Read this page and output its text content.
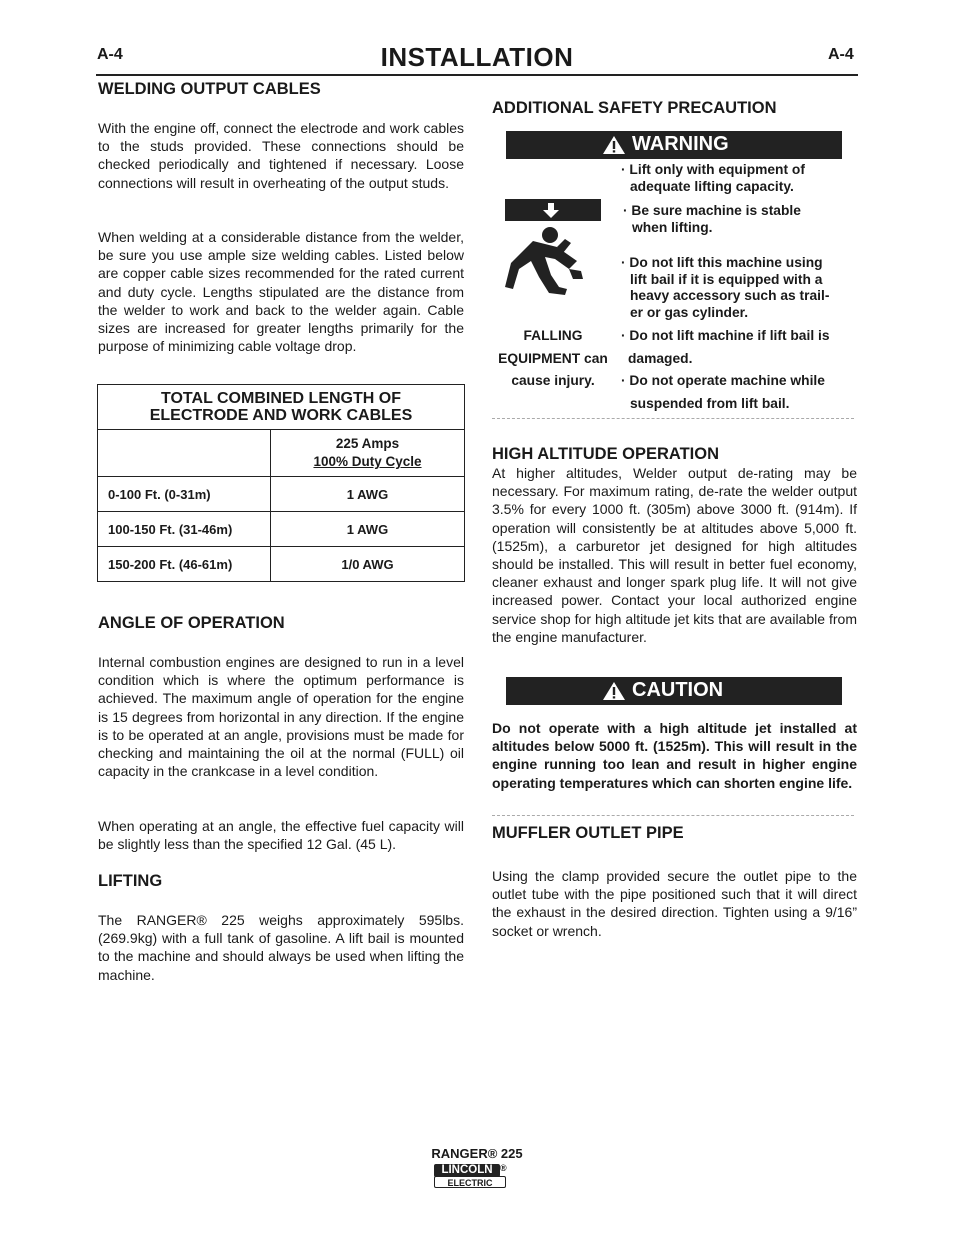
A-4	A-4
INSTALLATION
WELDING OUTPUT CABLES

With the engine off, connect the electrode and work cables to the studs provided. These connections should be checked periodically and tightened if necessary. Loose connections will result in overheating of the output studs.

When welding at a considerable distance from the welder, be sure you use ample size welding cables. Listed below are copper cable sizes recommended for the rated current and duty cycle. Lengths stipulated are the distance from the welder to work and back to the welder again. Cable sizes are increased for greater lengths primarily for the purpose of minimizing cable voltage drop.

TOTAL COMBINED LENGTH OF
ELECTRODE AND WORK CABLES	

	225 Amps
100% Duty Cycle

0-100 Ft. (0-31m)	1 AWG
100-150 Ft. (31-46m)	1 AWG
150-200 Ft. (46-61m)	1/0 AWG
ANGLE OF OPERATION

Internal combustion engines are designed to run in a level condition which is where the optimum performance is achieved. The maximum angle of operation for the engine is 15 degrees from horizontal in any direction. If the engine is to be operated at an angle, provisions must be made for checking and maintaining the oil at the normal (FULL) oil capacity in the crankcase in a level condition.

When operating at an angle, the effective fuel capacity will be slightly less than the specified 12 Gal. (45 L).

LIFTING

The RANGER® 225 weighs approximately 595lbs. (269.9kg) with a full tank of gasoline. A lift bail is mounted to the machine and should always be used when lifting the machine.

ADDITIONAL SAFETY PRECAUTION
WARNING
· Lift only with equipment of
adequate lifting capacity.
· Be sure machine is stable
when lifting.
· Do not lift this machine using
lift bail if it is equipped with a
heavy accessory such as trail-
er or gas cylinder.
· Do not lift machine if lift bail is
damaged.
· Do not operate machine while
suspended from lift bail.
FALLING
EQUIPMENT can
cause injury.
HIGH ALTITUDE OPERATION

At higher altitudes, Welder output de-rating may be necessary. For maximum rating, de-rate the welder output 3.5% for every 1000 ft. (305m) above 3000 ft. (914m). If operation will consistently be at altitudes above 5,000 ft. (1525m), a carburetor jet designed for high altitudes should be installed. This will result in better fuel economy, cleaner exhaust and longer spark plug life. It will not give increased power. Contact your local authorized engine service shop for high altitude jet kits that are available from the engine manufacturer.

CAUTION

Do not operate with a high altitude jet installed at altitudes below 5000 ft. (1525m). This will result in the engine running too lean and result in higher engine operating temperatures which can shorten engine life.

MUFFLER OUTLET PIPE

Using the clamp provided secure the outlet pipe to the outlet tube with the pipe positioned such that it will direct the exhaust in the desired direction. Tighten using a 9/16” socket or wrench.

RANGER® 225
LINCOLN ®
ELECTRIC
